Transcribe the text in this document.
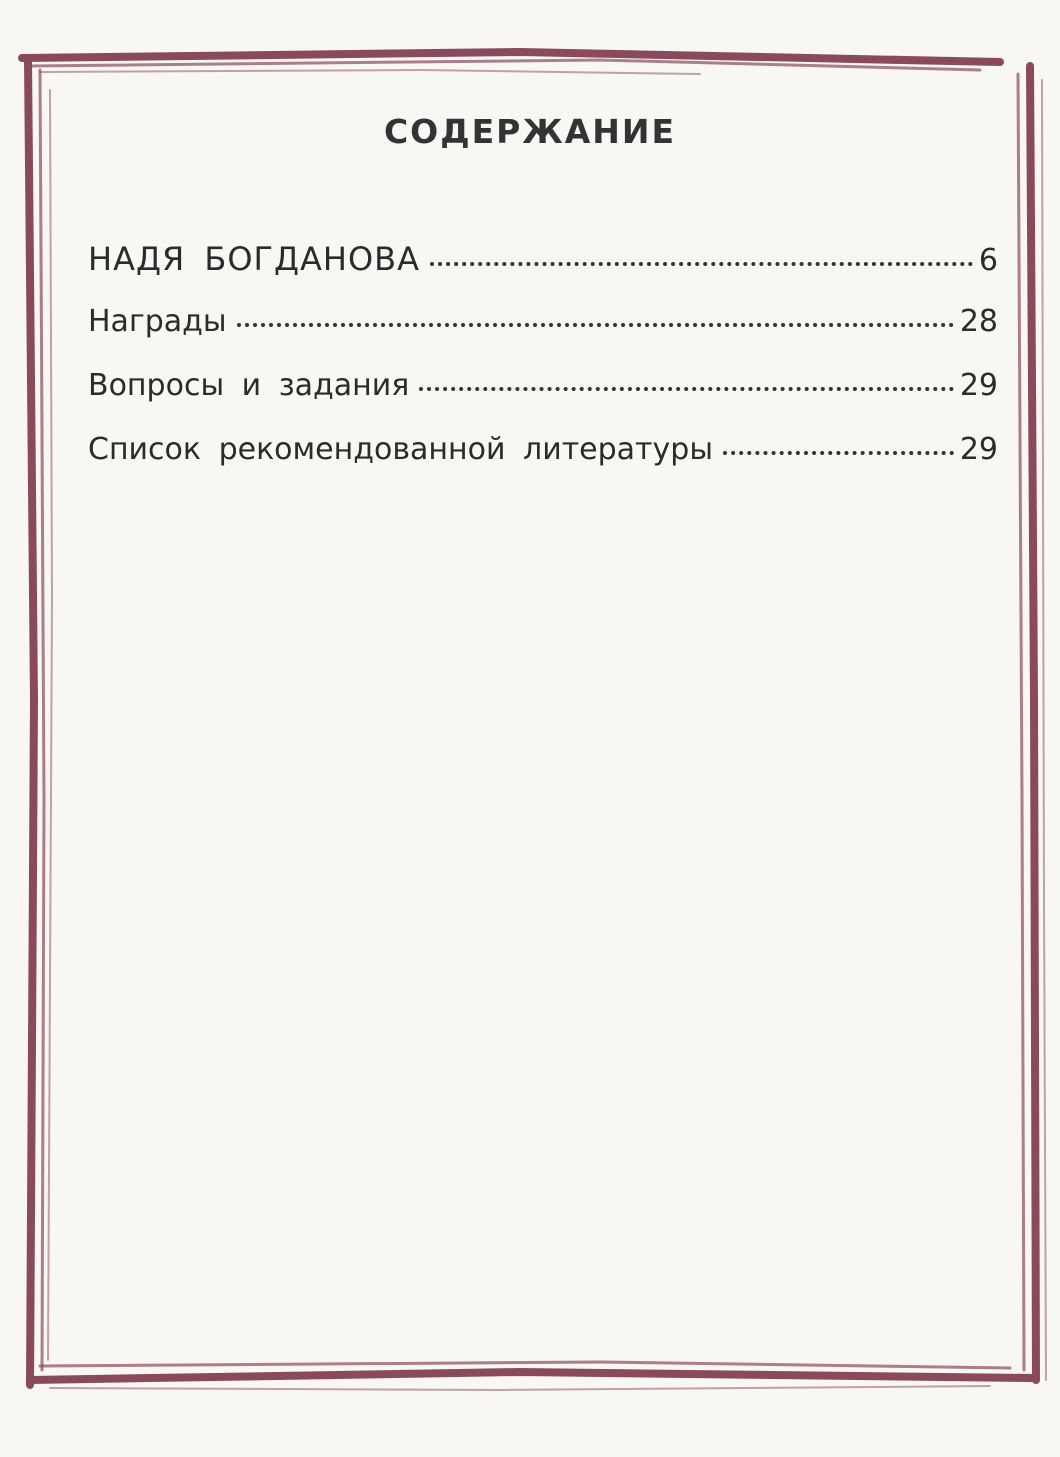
СОДЕРЖАНИЕ
НАДЯ БОГДАНОВА	6
Награды	28
Вопросы и задания	29
Список рекомендованной литературы	29
